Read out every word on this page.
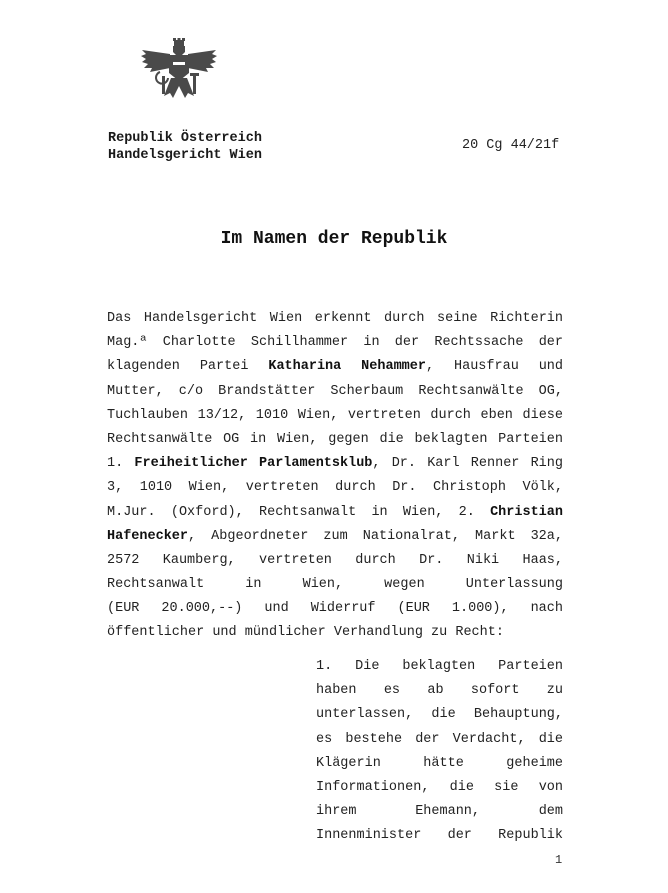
Republik Österreich
Handelsgericht Wien
20 Cg 44/21f
Im Namen der Republik
Das Handelsgericht Wien erkennt durch seine Richterin
Mag.ª Charlotte Schillhammer in der Rechtssache der
klagenden Partei Katharina Nehammer, Hausfrau und
Mutter, c/o Brandstätter Scherbaum Rechtsanwälte OG,
Tuchlauben 13/12, 1010 Wien, vertreten durch eben diese
Rechtsanwälte OG in Wien, gegen die beklagten Parteien
1. Freiheitlicher Parlamentsklub, Dr. Karl Renner Ring
3, 1010 Wien, vertreten durch Dr. Christoph Völk,
M.Jur. (Oxford), Rechtsanwalt in Wien, 2. Christian
Hafenecker, Abgeordneter zum Nationalrat, Markt 32a,
2572 Kaumberg, vertreten durch Dr. Niki Haas,
Rechtsanwalt in Wien, wegen Unterlassung
(EUR 20.000,--) und Widerruf (EUR 1.000), nach
öffentlicher und mündlicher Verhandlung zu Recht:
1. Die beklagten Parteien
haben es ab sofort zu
unterlassen, die Behauptung,
es bestehe der Verdacht, die
Klägerin hätte geheime
Informationen, die sie von
ihrem Ehemann, dem
Innenminister der Republik
1
